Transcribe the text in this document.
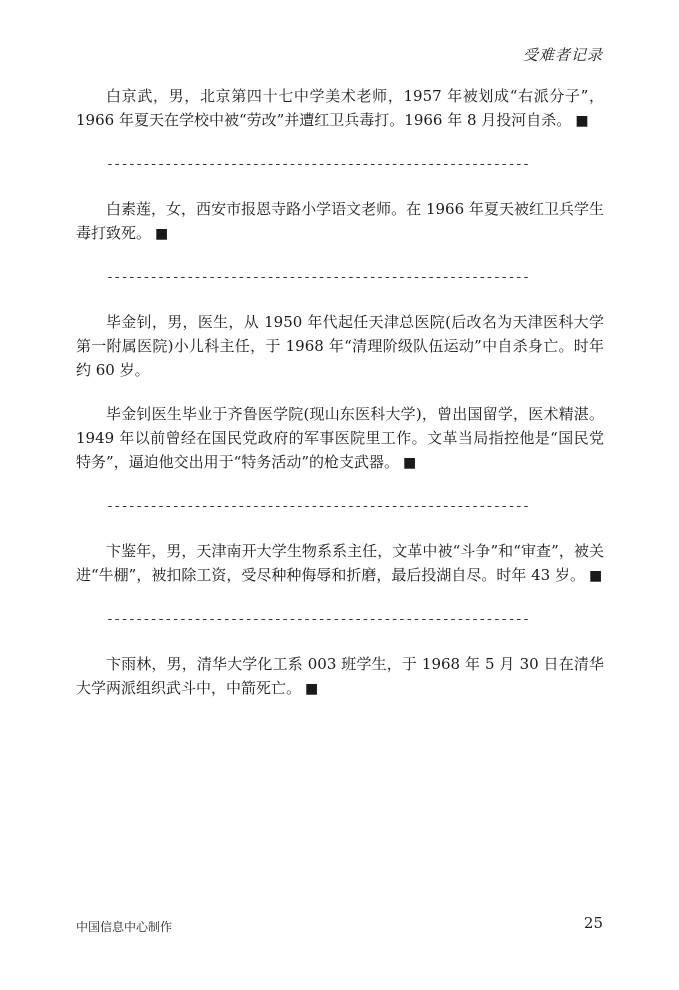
受难者记录

白京武，男，北京第四十七中学美术老师，1957 年被划成“右派分子”，1966 年夏天在学校中被“劳改”并遭红卫兵毒打。1966 年 8 月投河自杀。 ■

----------------------------------------------------------

白素莲，女，西安市报恩寺路小学语文老师。在 1966 年夏天被红卫兵学生毒打致死。 ■

----------------------------------------------------------

毕金钊，男，医生，从 1950 年代起任天津总医院(后改名为天津医科大学第一附属医院)小儿科主任，于 1968 年“清理阶级队伍运动”中自杀身亡。时年约 60 岁。

毕金钊医生毕业于齐鲁医学院(现山东医科大学)，曾出国留学，医术精湛。1949 年以前曾经在国民党政府的军事医院里工作。文革当局指控他是“国民党特务”，逼迫他交出用于“特务活动”的枪支武器。 ■

----------------------------------------------------------

卞鉴年，男，天津南开大学生物系系主任，文革中被“斗争”和“审查”，被关进“牛棚”，被扣除工资，受尽种种侮辱和折磨，最后投湖自尽。时年 43 岁。 ■

----------------------------------------------------------

卞雨林，男，清华大学化工系 003 班学生，于 1968 年 5 月 30 日在清华大学两派组织武斗中，中箭死亡。 ■

中国信息中心制作	25
